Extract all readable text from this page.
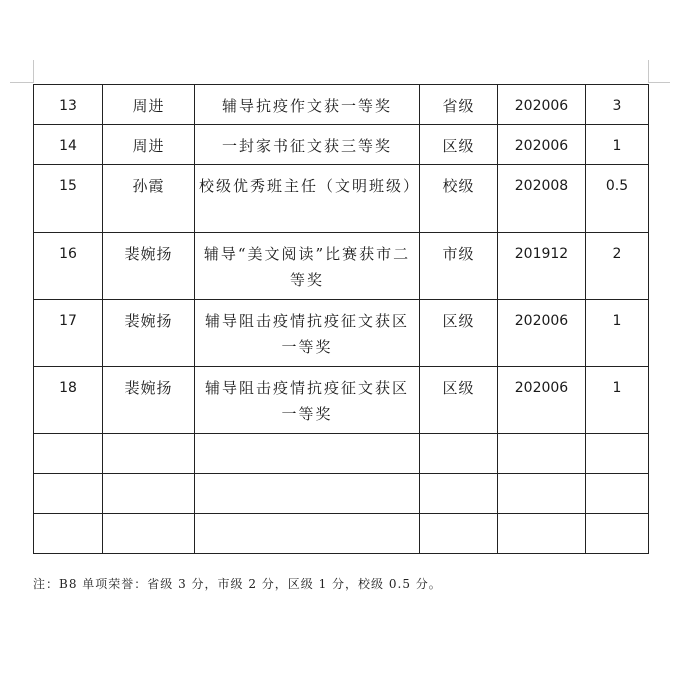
13	周进	辅导抗疫作文获一等奖	省级	202006	3
14	周进	一封家书征文获三等奖	区级	202006	1
15	孙霞	校级优秀班主任（文明班级）	校级	202008	0.5
16	裴婉扬	辅导“美文阅读”比赛获市二等奖	市级	201912	2
17	裴婉扬	辅导阻击疫情抗疫征文获区一等奖	区级	202006	1
18	裴婉扬	辅导阻击疫情抗疫征文获区一等奖	区级	202006	1

注：B8 单项荣誉：省级 3 分，市级 2 分，区级 1 分，校级 0.5 分。
